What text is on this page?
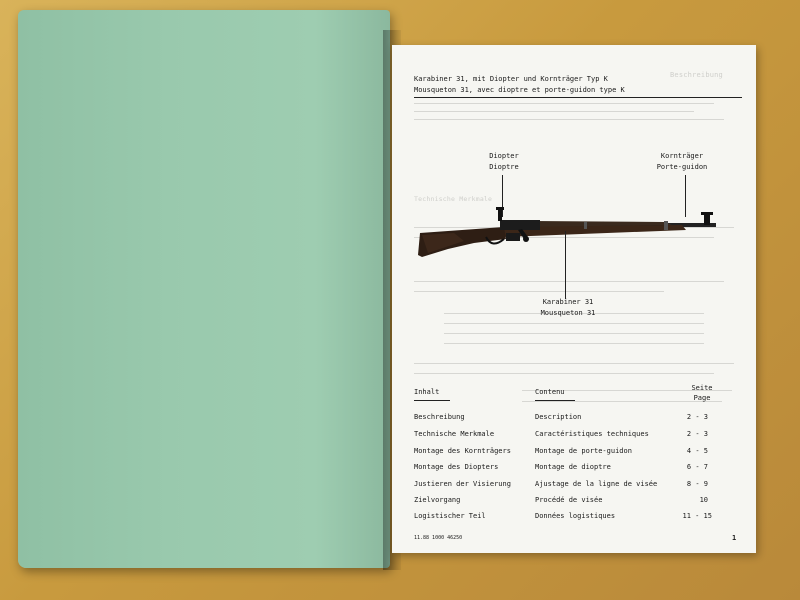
Beschreibung
Technische Merkmale
Karabiner 31, mit Diopter und Kornträger Typ K
Mousqueton 31, avec dioptre et porte-guidon type K
Diopter
Dioptre
Kornträger
Porte-guidon
Karabiner 31
Mousqueton 31
Inhalt	Contenu	Seite
Page
Beschreibung	Description	2 - 3
Technische Merkmale	Caractéristiques techniques	2 - 3
Montage des Kornträgers	Montage de porte-guidon	4 - 5
Montage des Diopters	Montage de dioptre	6 - 7
Justieren der Visierung	Ajustage de la ligne de visée	8 - 9
Zielvorgang	Procédé de visée	10
Logistischer Teil	Données logistiques	11 - 15
11.88 1000 46250	1
